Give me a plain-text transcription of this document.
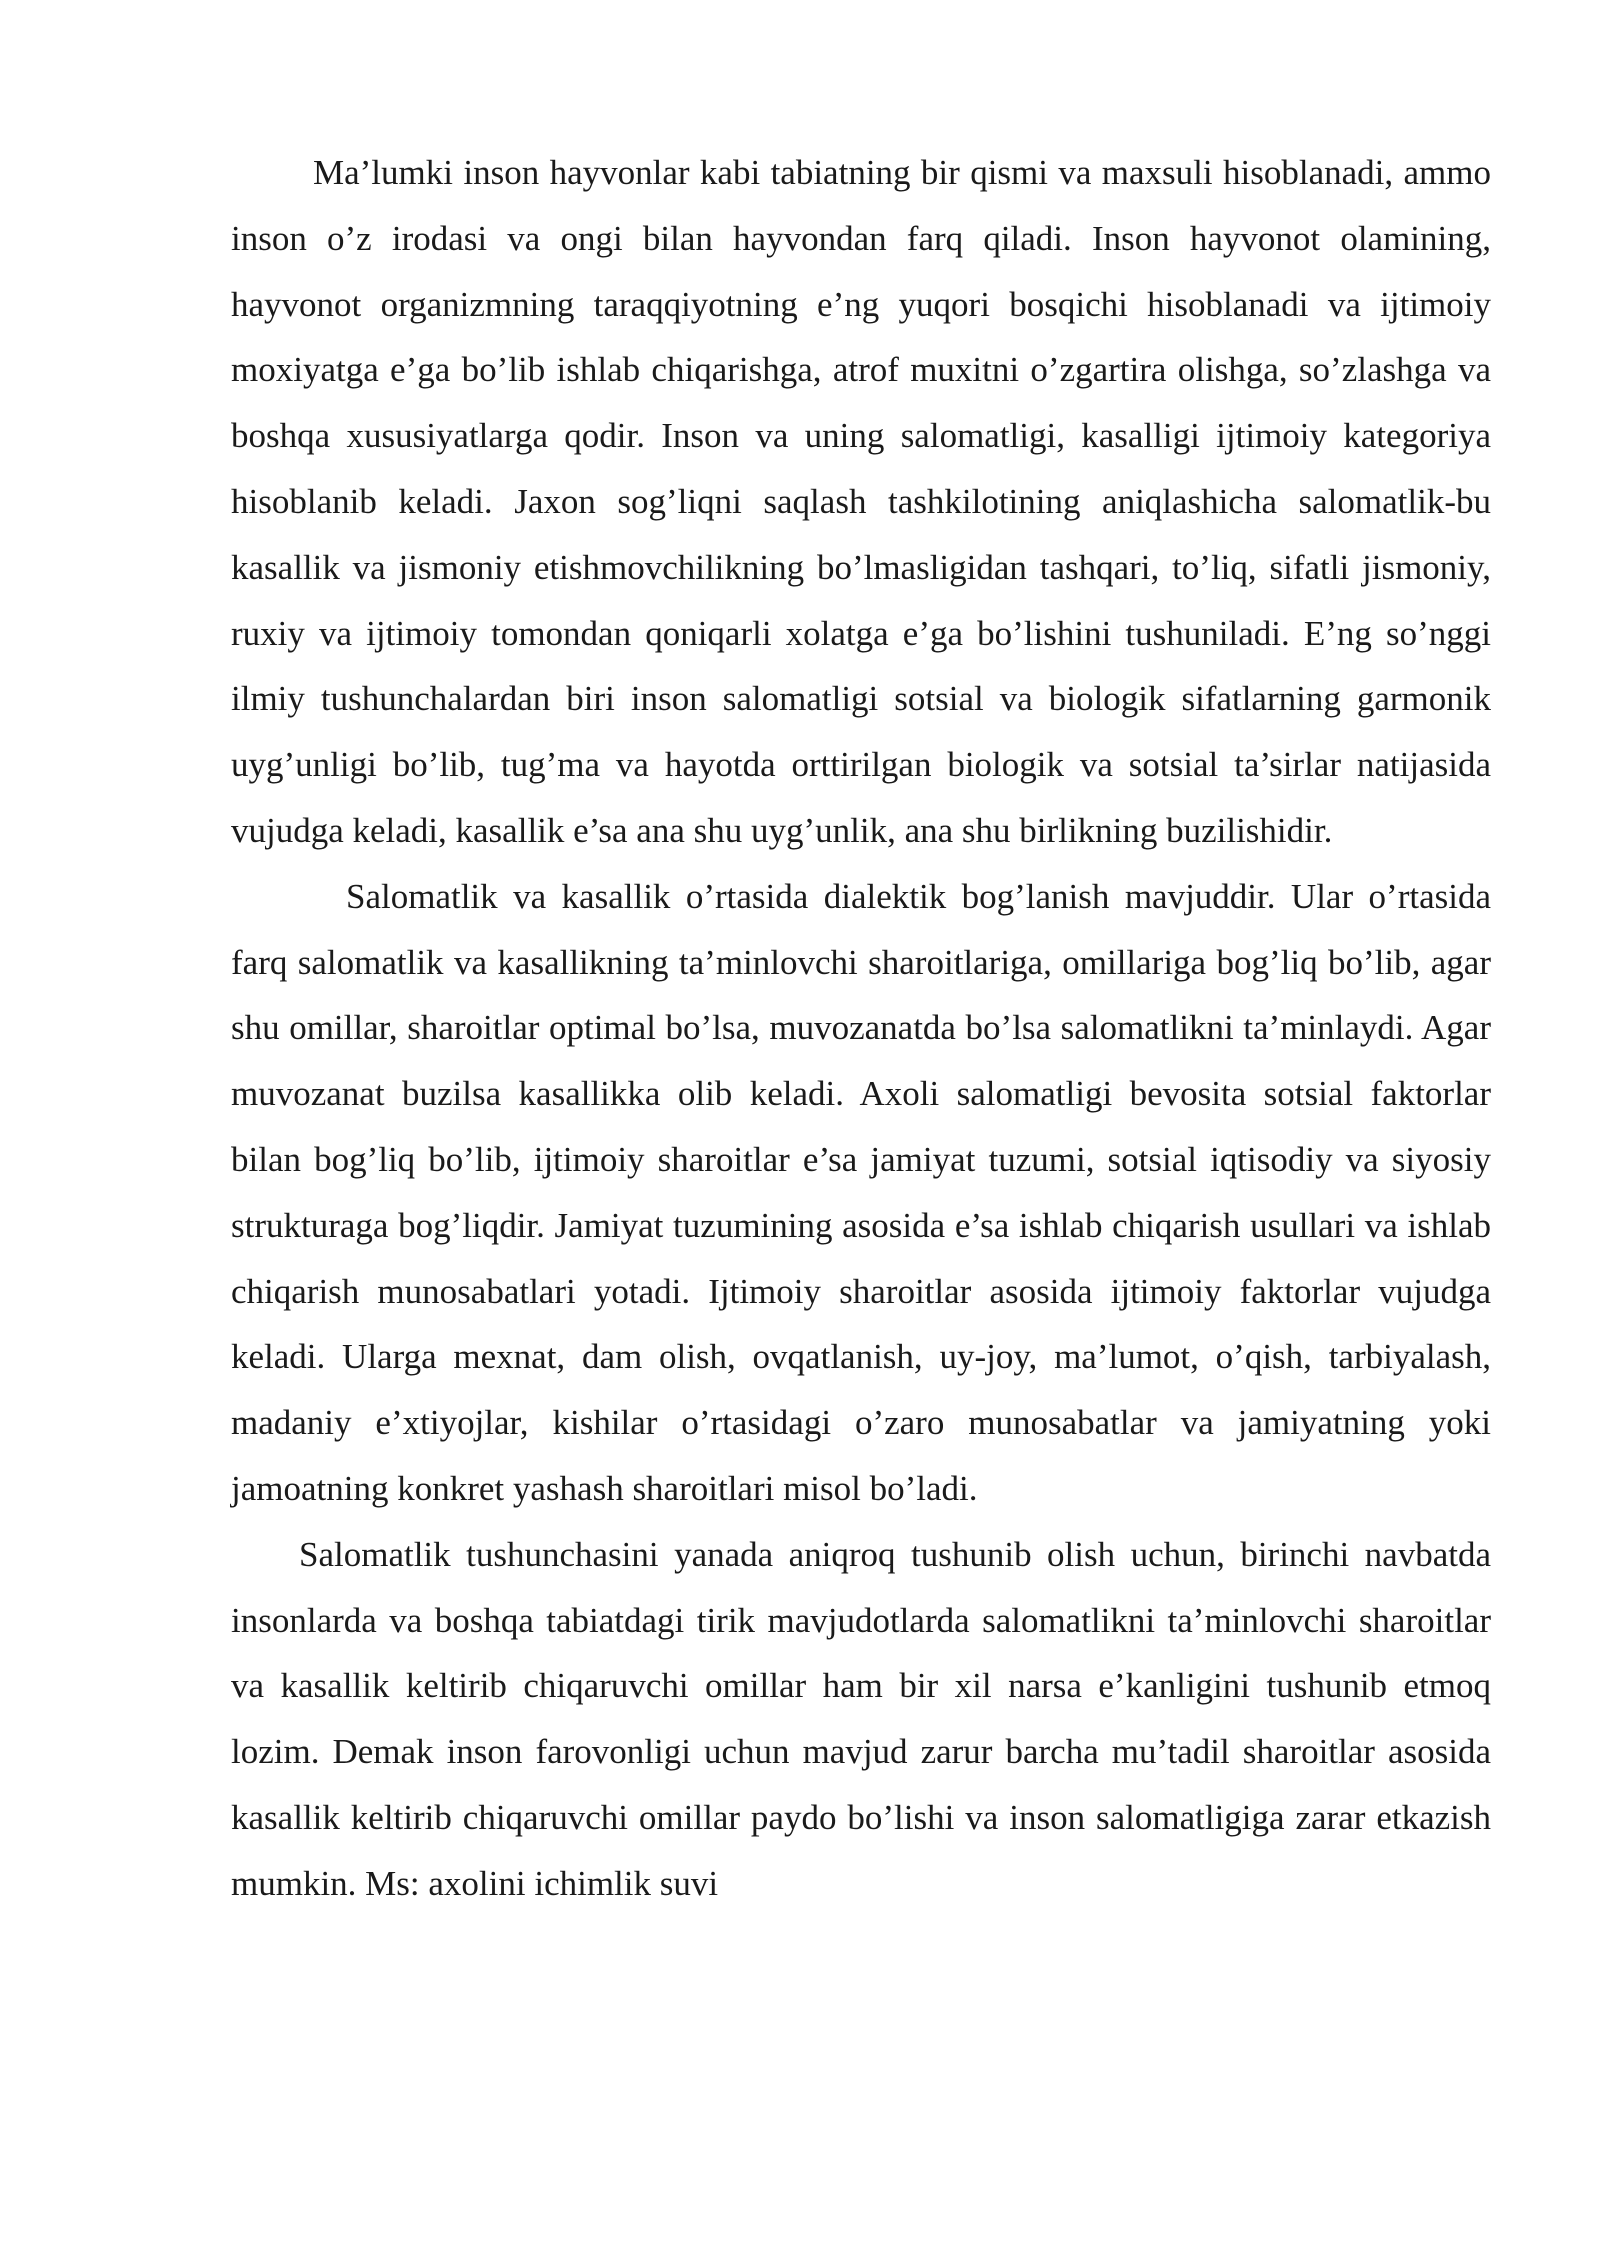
Ma’lumki inson hayvonlar kabi tabiatning bir qismi va maxsuli hisoblanadi, ammo inson o’z irodasi va ongi bilan hayvondan farq qiladi. Inson hayvonot olamining, hayvonot organizmning taraqqiyotning e’ng yuqori bosqichi hisoblanadi va ijtimoiy moxiyatga e’ga bo’lib ishlab chiqarishga, atrof muxitni o’zgartira olishga, so’zlashga va boshqa xususiyatlarga qodir. Inson va uning salomatligi, kasalligi ijtimoiy kategoriya hisoblanib keladi. Jaxon sog’liqni saqlash tashkilotining aniqlashicha salomatlik-bu kasallik va jismoniy etishmovchilikning bo’lmasligidan tashqari, to’liq, sifatli jismoniy, ruxiy va ijtimoiy tomondan qoniqarli xolatga e’ga bo’lishini tushuniladi. E’ng so’nggi ilmiy tushunchalardan biri inson salomatligi sotsial va biologik sifatlarning garmonik uyg’unligi bo’lib, tug’ma va hayotda orttirilgan biologik va sotsial ta’sirlar natijasida vujudga keladi, kasallik e’sa ana shu uyg’unlik, ana shu birlikning buzilishidir.

Salomatlik va kasallik o’rtasida dialektik bog’lanish mavjuddir. Ular o’rtasida farq salomatlik va kasallikning ta’minlovchi sharoitlariga, omillariga bog’liq bo’lib, agar shu omillar, sharoitlar optimal bo’lsa, muvozanatda bo’lsa salomatlikni ta’minlaydi. Agar muvozanat buzilsa kasallikka olib keladi. Axoli salomatligi bevosita sotsial faktorlar bilan bog’liq bo’lib, ijtimoiy sharoitlar e’sa jamiyat tuzumi, sotsial iqtisodiy va siyosiy strukturaga bog’liqdir. Jamiyat tuzumining asosida e’sa ishlab chiqarish usullari va ishlab chiqarish munosabatlari yotadi. Ijtimoiy sharoitlar asosida ijtimoiy faktorlar vujudga keladi. Ularga mexnat, dam olish, ovqatlanish, uy-joy, ma’lumot, o’qish, tarbiyalash, madaniy e’xtiyojlar, kishilar o’rtasidagi o’zaro munosabatlar va jamiyatning yoki jamoatning konkret yashash sharoitlari misol bo’ladi.

Salomatlik tushunchasini yanada aniqroq tushunib olish uchun, birinchi navbatda insonlarda va boshqa tabiatdagi tirik mavjudotlarda salomatlikni ta’minlovchi sharoitlar va kasallik keltirib chiqaruvchi omillar ham bir xil narsa e’kanligini tushunib etmoq lozim. Demak inson farovonligi uchun mavjud zarur barcha mu’tadil sharoitlar asosida kasallik keltirib chiqaruvchi omillar paydo bo’lishi va inson salomatligiga zarar etkazish mumkin. Ms: axolini ichimlik suvi
